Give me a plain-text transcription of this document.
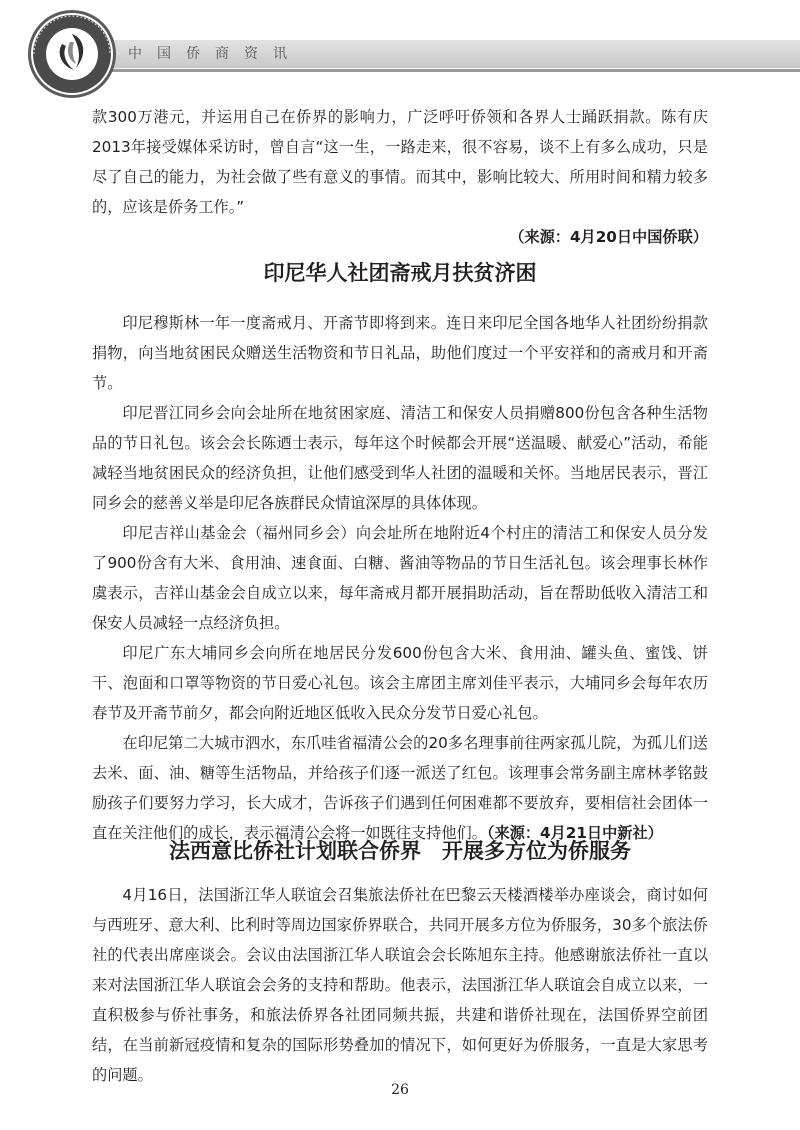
中国侨商资讯

款300万港元，并运用自己在侨界的影响力，广泛呼吁侨领和各界人士踊跃捐款。陈有庆2013年接受媒体采访时，曾自言“这一生，一路走来，很不容易，谈不上有多么成功，只是尽了自己的能力，为社会做了些有意义的事情。而其中，影响比较大、所用时间和精力较多的，应该是侨务工作。”

（来源：4月20日中国侨联）
印尼华人社团斋戒月扶贫济困

印尼穆斯林一年一度斋戒月、开斋节即将到来。连日来印尼全国各地华人社团纷纷捐款捐物，向当地贫困民众赠送生活物资和节日礼品，助他们度过一个平安祥和的斋戒月和开斋节。

印尼晋江同乡会向会址所在地贫困家庭、清洁工和保安人员捐赠800份包含各种生活物品的节日礼包。该会会长陈迺士表示，每年这个时候都会开展“送温暖、献爱心”活动，希能减轻当地贫困民众的经济负担，让他们感受到华人社团的温暖和关怀。当地居民表示，晋江同乡会的慈善义举是印尼各族群民众情谊深厚的具体体现。

印尼吉祥山基金会（福州同乡会）向会址所在地附近4个村庄的清洁工和保安人员分发了900份含有大米、食用油、速食面、白糖、酱油等物品的节日生活礼包。该会理事长林作虞表示，吉祥山基金会自成立以来，每年斋戒月都开展捐助活动，旨在帮助低收入清洁工和保安人员减轻一点经济负担。

印尼广东大埔同乡会向所在地居民分发600份包含大米、食用油、罐头鱼、蜜饯、饼干、泡面和口罩等物资的节日爱心礼包。该会主席团主席刘佳平表示，大埔同乡会每年农历春节及开斋节前夕，都会向附近地区低收入民众分发节日爱心礼包。

在印尼第二大城市泗水，东爪哇省福清公会的20多名理事前往两家孤儿院，为孤儿们送去米、面、油、糖等生活物品，并给孩子们逐一派送了红包。该理事会常务副主席林孝铭鼓励孩子们要努力学习，长大成才，告诉孩子们遇到任何困难都不要放弃，要相信社会团体一直在关注他们的成长，表示福清公会将一如既往支持他们。（来源：4月21日中新社）

法西意比侨社计划联合侨界　开展多方位为侨服务

4月16日，法国浙江华人联谊会召集旅法侨社在巴黎云天楼酒楼举办座谈会，商讨如何与西班牙、意大利、比利时等周边国家侨界联合，共同开展多方位为侨服务，30多个旅法侨社的代表出席座谈会。会议由法国浙江华人联谊会会长陈旭东主持。他感谢旅法侨社一直以来对法国浙江华人联谊会会务的支持和帮助。他表示，法国浙江华人联谊会自成立以来，一直积极参与侨社事务，和旅法侨界各社团同频共振，共建和谐侨社现在，法国侨界空前团结，在当前新冠疫情和复杂的国际形势叠加的情况下，如何更好为侨服务，一直是大家思考的问题。

26
